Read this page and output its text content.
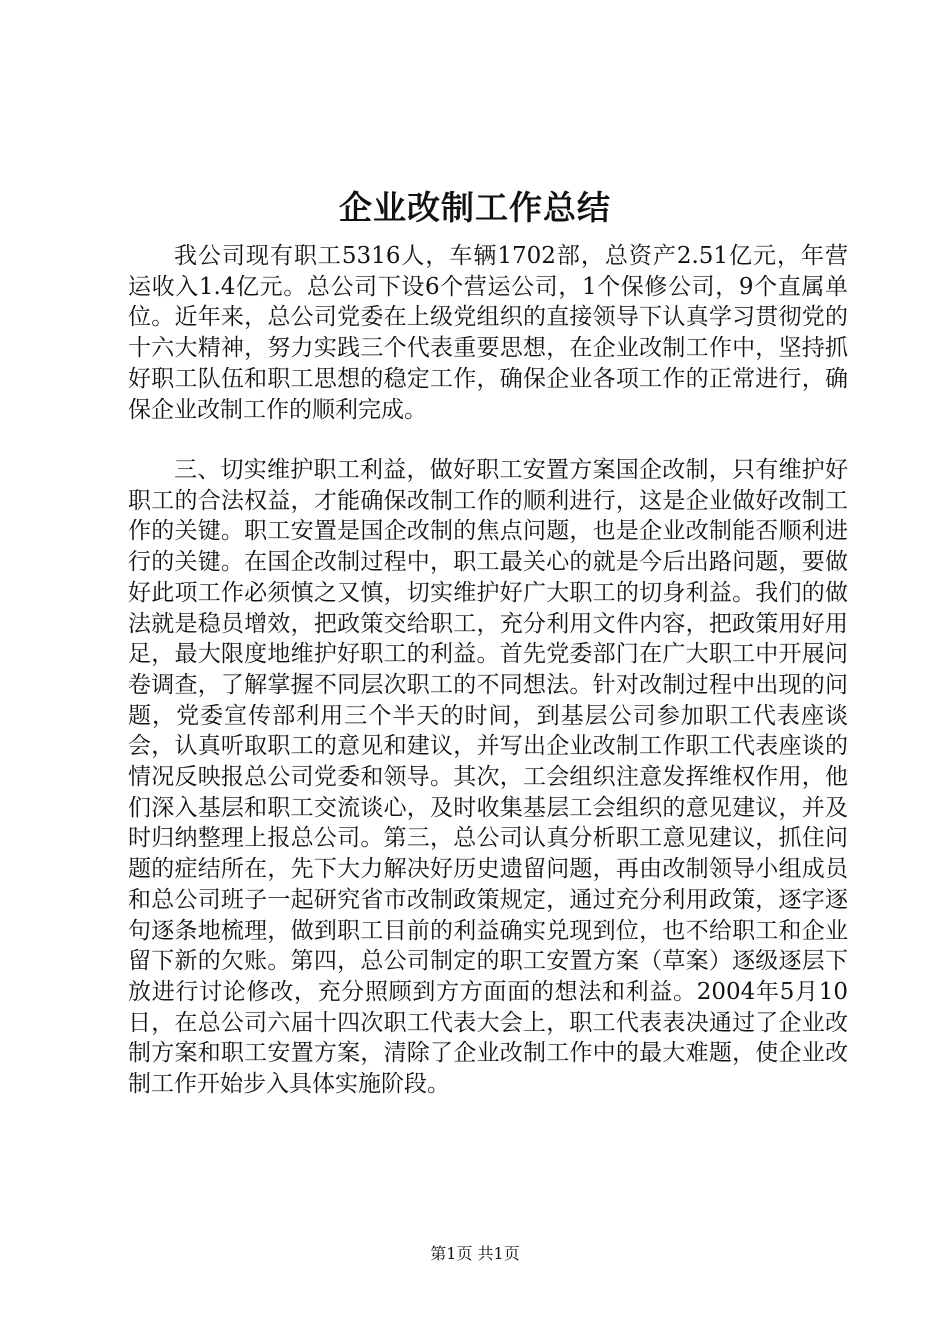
企业改制工作总结

我公司现有职工5316人，车辆1702部，总资产2.51亿元，年营运收入1.4亿元。总公司下设6个营运公司，1个保修公司，9个直属单位。近年来，总公司党委在上级党组织的直接领导下认真学习贯彻党的十六大精神，努力实践三个代表重要思想，在企业改制工作中，坚持抓好职工队伍和职工思想的稳定工作，确保企业各项工作的正常进行，确保企业改制工作的顺利完成。

三、切实维护职工利益，做好职工安置方案国企改制，只有维护好职工的合法权益，才能确保改制工作的顺利进行，这是企业做好改制工作的关键。职工安置是国企改制的焦点问题，也是企业改制能否顺利进行的关键。在国企改制过程中，职工最关心的就是今后出路问题，要做好此项工作必须慎之又慎，切实维护好广大职工的切身利益。我们的做法就是稳员增效，把政策交给职工，充分利用文件内容，把政策用好用足，最大限度地维护好职工的利益。首先党委部门在广大职工中开展问卷调查，了解掌握不同层次职工的不同想法。针对改制过程中出现的问题，党委宣传部利用三个半天的时间，到基层公司参加职工代表座谈会，认真听取职工的意见和建议，并写出企业改制工作职工代表座谈的情况反映报总公司党委和领导。其次，工会组织注意发挥维权作用，他们深入基层和职工交流谈心，及时收集基层工会组织的意见建议，并及时归纳整理上报总公司。第三，总公司认真分析职工意见建议，抓住问题的症结所在，先下大力解决好历史遗留问题，再由改制领导小组成员和总公司班子一起研究省市改制政策规定，通过充分利用政策，逐字逐句逐条地梳理，做到职工目前的利益确实兑现到位，也不给职工和企业留下新的欠账。第四，总公司制定的职工安置方案（草案）逐级逐层下放进行讨论修改，充分照顾到方方面面的想法和利益。2004年5月10日，在总公司六届十四次职工代表大会上，职工代表表决通过了企业改制方案和职工安置方案，清除了企业改制工作中的最大难题，使企业改制工作开始步入具体实施阶段。

第1页 共1页
